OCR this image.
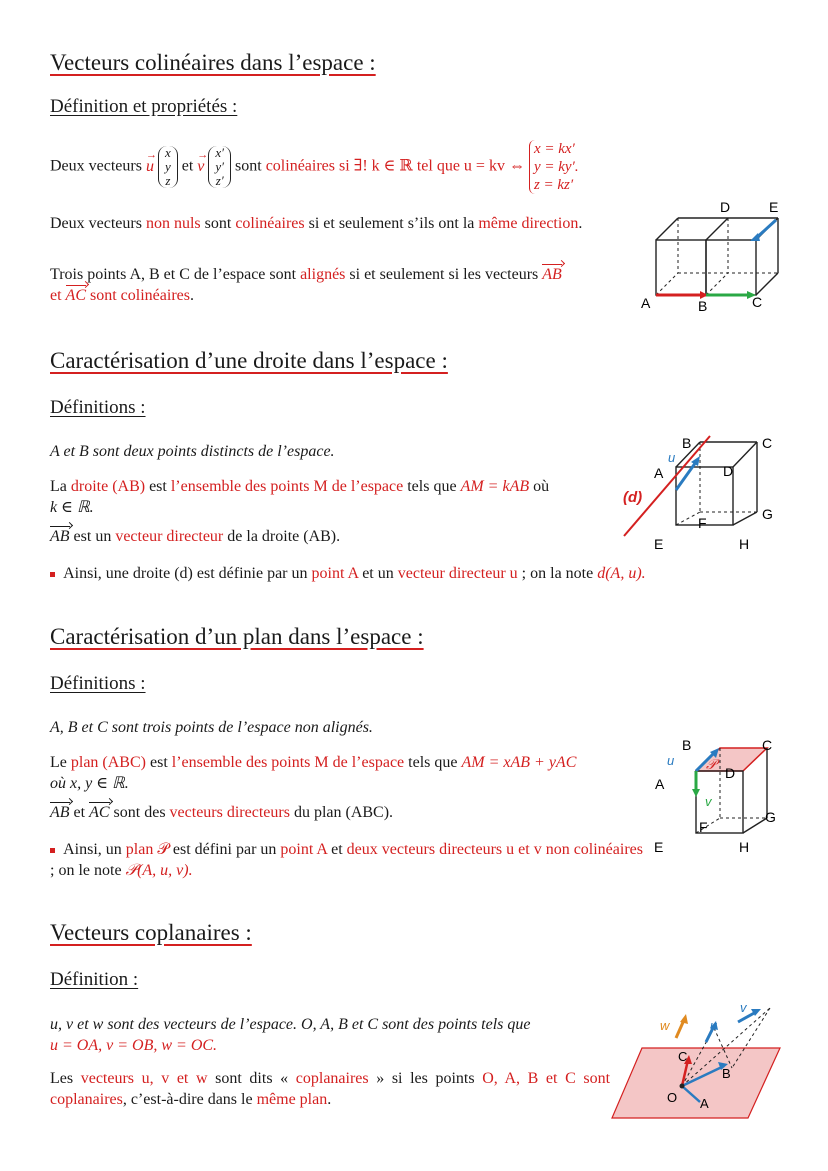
Vecteurs colinéaires dans l’espace :
Définition et propriétés :
Deux vecteurs → u x
y
z et → v x′
y′
z′ sont colinéaires si ∃! k ∈ ℝ tel que u = kv ⇔ x = kx′
y = ky′.
z = kz′
Deux vecteurs non nuls sont colinéaires si et seulement s’ils ont la même direction.
Trois points A, B et C de l’espace sont alignés si et seulement si les vecteurs AB
et AC sont colinéaires.
D	E
A	B	C
Caractérisation d’une droite dans l’espace :
Définitions :
A et B sont deux points distincts de l’espace.
La droite (AB) est l’ensemble des points M de l’espace tels que AM = kAB où
k ∈ ℝ.
AB est un vecteur directeur de la droite (AB).
Ainsi, une droite (d) est définie par un point A et un vecteur directeur u ; on la note d(A, u).
B	C
A	D
(d)
u
F
G
E	H
Caractérisation d’un plan dans l’espace :
Définitions :
A, B et C sont trois points de l’espace non alignés.
Le plan (ABC) est l’ensemble des points M de l’espace tels que AM = xAB + yAC
où x, y ∈ ℝ.
AB et AC sont des vecteurs directeurs du plan (ABC).
Ainsi, un plan 𝒫 est défini par un point A et deux vecteurs directeurs u et v non colinéaires ; on le note 𝒫(A, u, v).
B	C
A
D
𝒫
u
v
F
G
E	H
Vecteurs coplanaires :
Définition :
u, v et w sont des vecteurs de l’espace. O, A, B et C sont des points tels que
u = OA, v = OB, w = OC.
Les vecteurs u, v et w sont dits « coplanaires » si les points O, A, B et C sont coplanaires, c’est-à-dire dans le même plan.
w	u
v
C
B
O A
